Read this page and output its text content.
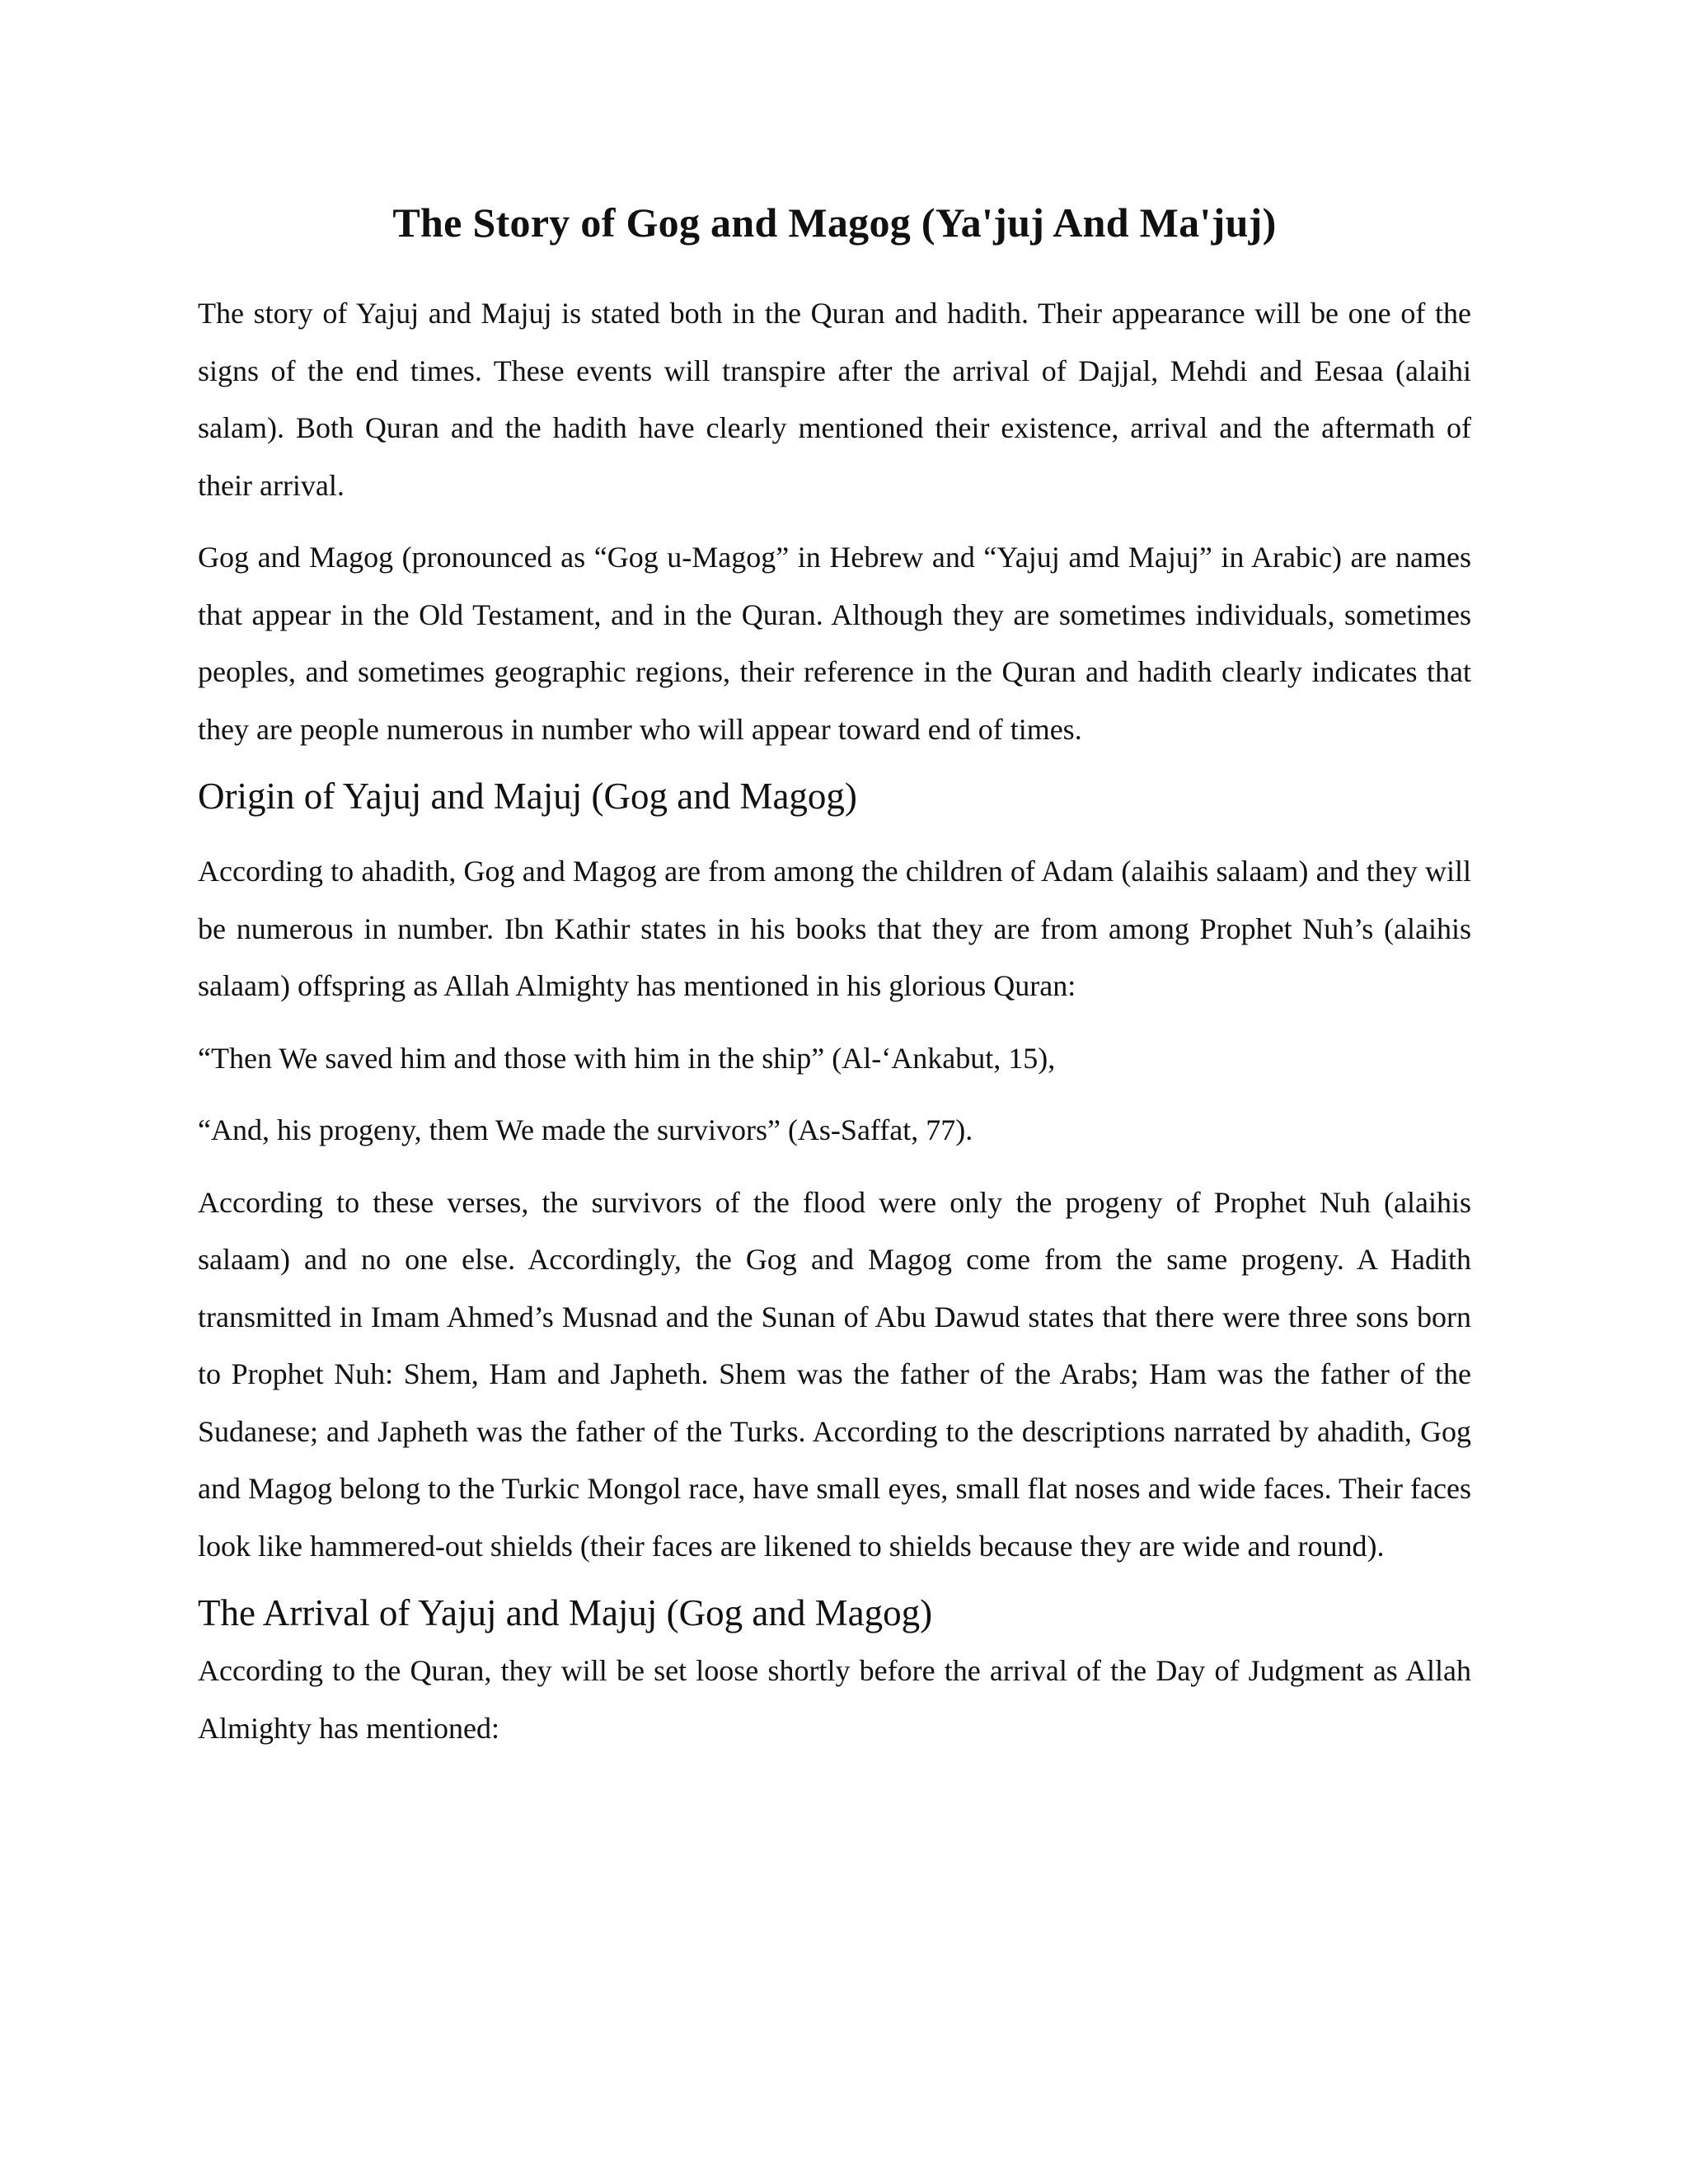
The Story of Gog and Magog (Ya'juj And Ma'juj)

The story of Yajuj and Majuj is stated both in the Quran and hadith. Their appearance will be one of the signs of the end times. These events will transpire after the arrival of Dajjal, Mehdi and Eesaa (alaihi salam). Both Quran and the hadith have clearly mentioned their existence, arrival and the aftermath of their arrival.

Gog and Magog (pronounced as “Gog u-Magog” in Hebrew and “Yajuj amd Majuj” in Arabic) are names that appear in the Old Testament, and in the Quran. Although they are sometimes individuals, sometimes peoples, and sometimes geographic regions, their reference in the Quran and hadith clearly indicates that they are people numerous in number who will appear toward end of times.

Origin of Yajuj and Majuj (Gog and Magog)

According to ahadith, Gog and Magog are from among the children of Adam (alaihis salaam) and they will be numerous in number. Ibn Kathir states in his books that they are from among Prophet Nuh’s (alaihis salaam) offspring as Allah Almighty has mentioned in his glorious Quran:

“Then We saved him and those with him in the ship” (Al-‘Ankabut, 15),

“And, his progeny, them We made the survivors” (As-Saffat, 77).

According to these verses, the survivors of the flood were only the progeny of Prophet Nuh (alaihis salaam) and no one else. Accordingly, the Gog and Magog come from the same progeny. A Hadith transmitted in Imam Ahmed’s Musnad and the Sunan of Abu Dawud states that there were three sons born to Prophet Nuh: Shem, Ham and Japheth. Shem was the father of the Arabs; Ham was the father of the Sudanese; and Japheth was the father of the Turks. According to the descriptions narrated by ahadith, Gog and Magog belong to the Turkic Mongol race, have small eyes, small flat noses and wide faces. Their faces look like hammered-out shields (their faces are likened to shields because they are wide and round).

The Arrival of Yajuj and Majuj (Gog and Magog)

According to the Quran, they will be set loose shortly before the arrival of the Day of Judgment as Allah Almighty has mentioned:
